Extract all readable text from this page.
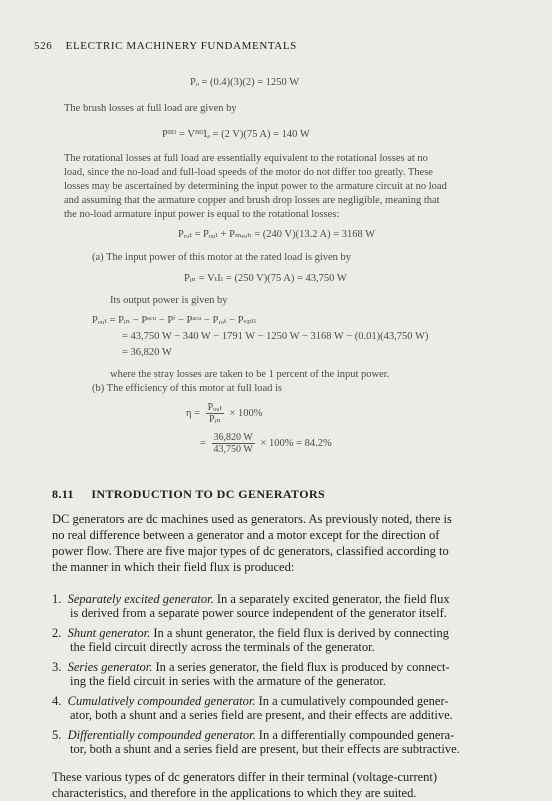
526 ELECTRIC MACHINERY FUNDAMENTALS
Pₒ = (0.4)(3)(2) = 1250 W
The brush losses at full load are given by
Pᴮᴰ = VᴮᴰIₐ = (2 V)(75 A) = 140 W
The rotational losses at full load are essentially equivalent to the rotational losses at no
load, since the no-load and full-load speeds of the motor do not differ too greatly. These
losses may be ascertained by determining the input power to the armature circuit at no load
and assuming that the armature copper and brush drop losses are negligible, meaning that
the no-load armature input power is equal to the rotational losses:
Pᵣₒₜ = Pₒᵤₜ + Pₘₑₒₕ = (240 V)(13.2 A) = 3168 W
(a) The input power of this motor at the rated load is given by
Pᵢₙ = VₜIₗ = (250 V)(75 A) = 43,750 W
Its output power is given by
Pₒᵤₜ = Pᵢₙ − Pᵃᶜᵘ − Pᶠ − Pᵃᶜᵘ − Pᵣₒₜ − Pₛₚₗₗ
= 43,750 W − 340 W − 1791 W − 1250 W − 3168 W − (0.01)(43,750 W)
= 36,820 W
where the stray losses are taken to be 1 percent of the input power.
(b) The efficiency of this motor at full load is
$\eta = \frac{\text{Pₒᵤₜ}}{\text{Pᵢₙ}} \times 100\%$
= $\frac{36,820 W}{43,750 W} \times 100\% = 84.2\%$
8.11 INTRODUCTION TO DC GENERATORS
DC generators are dc machines used as generators. As previously noted, there is
no real difference between a generator and a motor except for the direction of
power flow. There are five major types of dc generators, classified according to
the manner in which their field flux is produced:
1. Separately excited generator. In a separately excited generator, the field flux
is derived from a separate power source independent of the generator itself.
2. Shunt generator. In a shunt generator, the field flux is derived by connecting
the field circuit directly across the terminals of the generator.
3. Series generator. In a series generator, the field flux is produced by connect-
ing the field circuit in series with the armature of the generator.
4. Cumulatively compounded generator. In a cumulatively compounded gener-
ator, both a shunt and a series field are present, and their effects are additive.
5. Differentially compounded generator. In a differentially compounded genera-
tor, both a shunt and a series field are present, but their effects are subtractive.
These various types of dc generators differ in their terminal (voltage-current)
characteristics, and therefore in the applications to which they are suited.
